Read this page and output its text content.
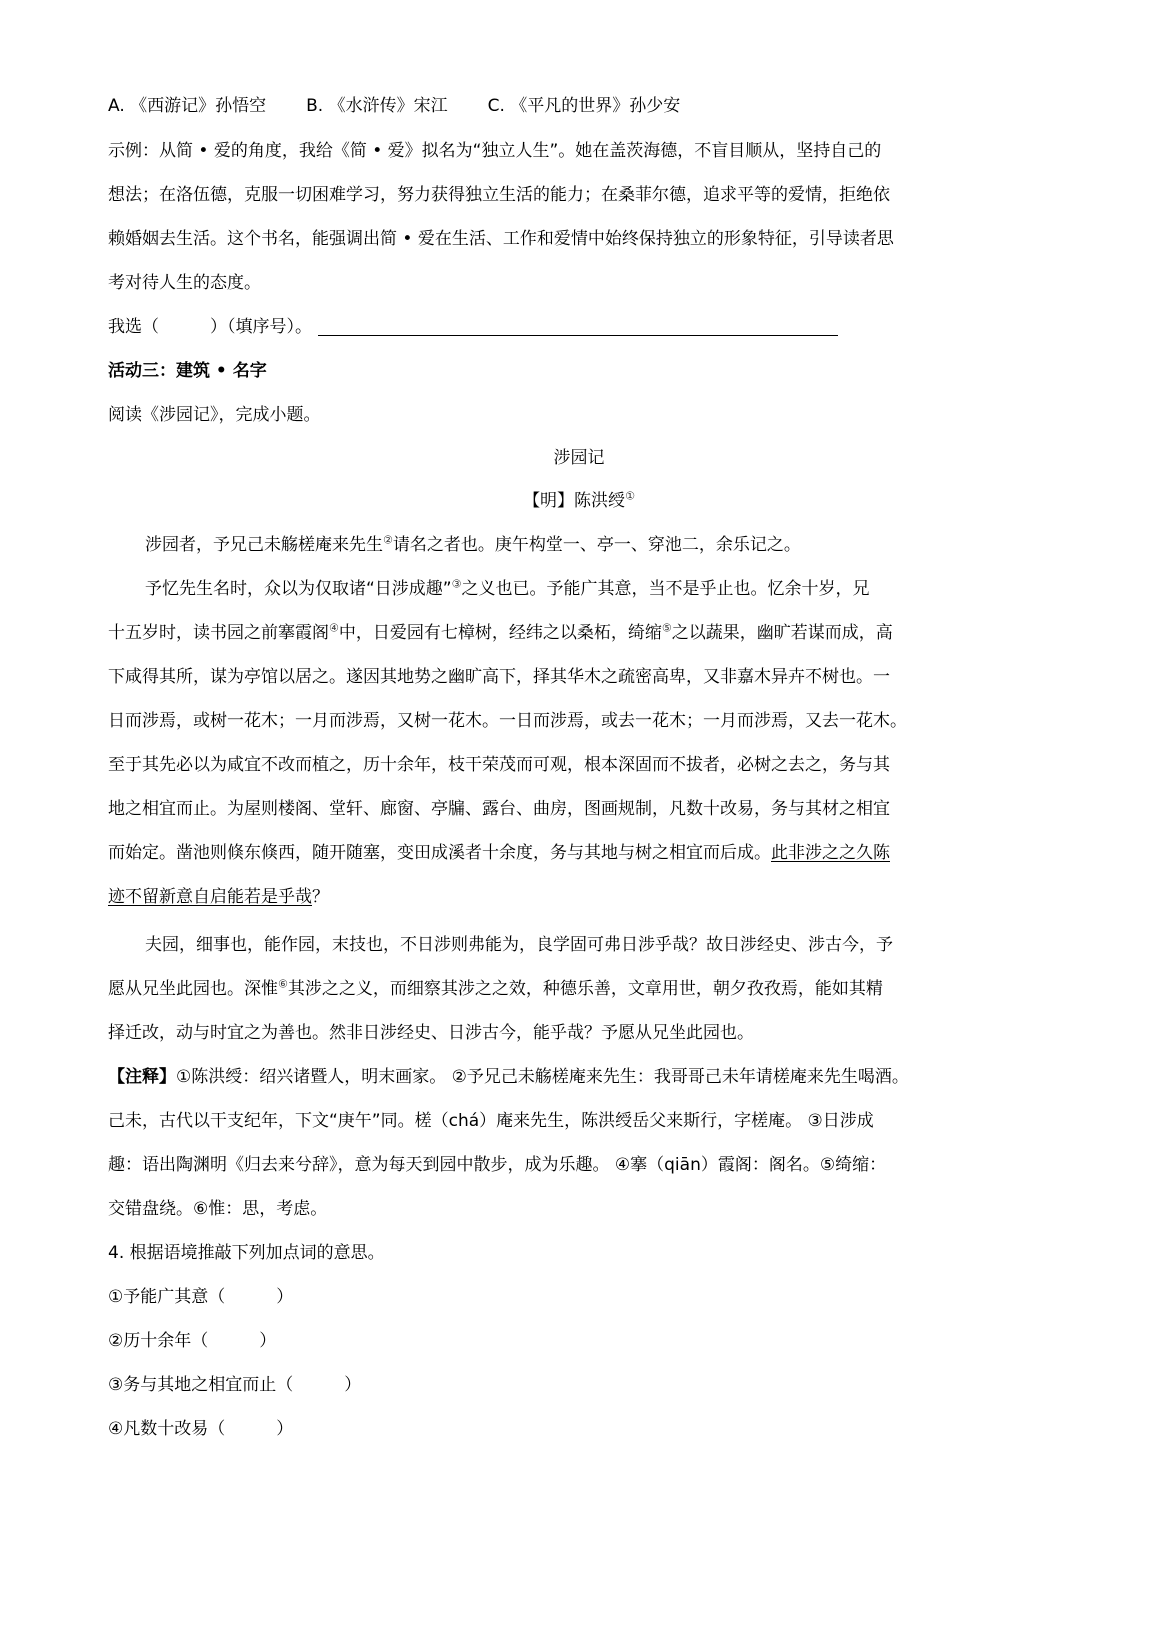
A. 《西游记》孙悟空 B. 《水浒传》宋江 C. 《平凡的世界》孙少安
示例：从简 • 爱的角度，我给《简 • 爱》拟名为“独立人生”。她在盖茨海德，不盲目顺从，坚持自己的
想法；在洛伍德，克服一切困难学习，努力获得独立生活的能力；在桑菲尔德，追求平等的爱情，拒绝依
赖婚姻去生活。这个书名，能强调出简 • 爱在生活、工作和爱情中始终保持独立的形象特征，引导读者思
考对待人生的态度。
我选（　　　）（填序号）。
活动三：建筑 • 名字
阅读《涉园记》，完成小题。
涉园记
【明】陈洪绶①
涉园者，予兄己未觞槎庵来先生②请名之者也。庚午构堂一、亭一、穿池二，余乐记之。
予忆先生名时，众以为仅取诸“日涉成趣”③之义也已。予能广其意，当不是乎止也。忆余十岁，兄
十五岁时，读书园之前搴霞阁④中，日爱园有七樟树，经纬之以桑柘，绮缩⑤之以蔬果，幽旷若谋而成，高
下咸得其所，谋为亭馆以居之。遂因其地势之幽旷高下，择其华木之疏密高卑，又非嘉木异卉不树也。一
日而涉焉，或树一花木；一月而涉焉，又树一花木。一日而涉焉，或去一花木；一月而涉焉，又去一花木。
至于其先必以为咸宜不改而植之，历十余年，枝干荣茂而可观，根本深固而不拔者，必树之去之，务与其
地之相宜而止。为屋则楼阁、堂轩、廊窗、亭牖、露台、曲房，图画规制，凡数十改易，务与其材之相宜
而始定。凿池则倏东倏西，随开随塞，变田成溪者十余度，务与其地与树之相宜而后成。此非涉之之久陈
迹不留新意自启能若是乎哉？
夫园，细事也，能作园，末技也，不日涉则弗能为，良学固可弗日涉乎哉？故日涉经史、涉古今，予
愿从兄坐此园也。深惟⑥其涉之之义，而细察其涉之之效，种德乐善，文章用世，朝夕孜孜焉，能如其精
择迁改，动与时宜之为善也。然非日涉经史、日涉古今，能乎哉？予愿从兄坐此园也。
【注释】①陈洪绶：绍兴诸暨人，明末画家。 ②予兄己未觞槎庵来先生：我哥哥己未年请槎庵来先生喝酒。
己未，古代以干支纪年，下文“庚午”同。槎（chá）庵来先生，陈洪绶岳父来斯行，字槎庵。 ③日涉成
趣：语出陶渊明《归去来兮辞》，意为每天到园中散步，成为乐趣。 ④搴（qiān）霞阁：阁名。⑤绮缩：
交错盘绕。⑥惟：思，考虑。
4. 根据语境推敲下列加点词的意思。
①予能广其意（　　　）
②历十余年（　　　）
③务与其地之相宜而止（　　　）
④凡数十改易（　　　）
